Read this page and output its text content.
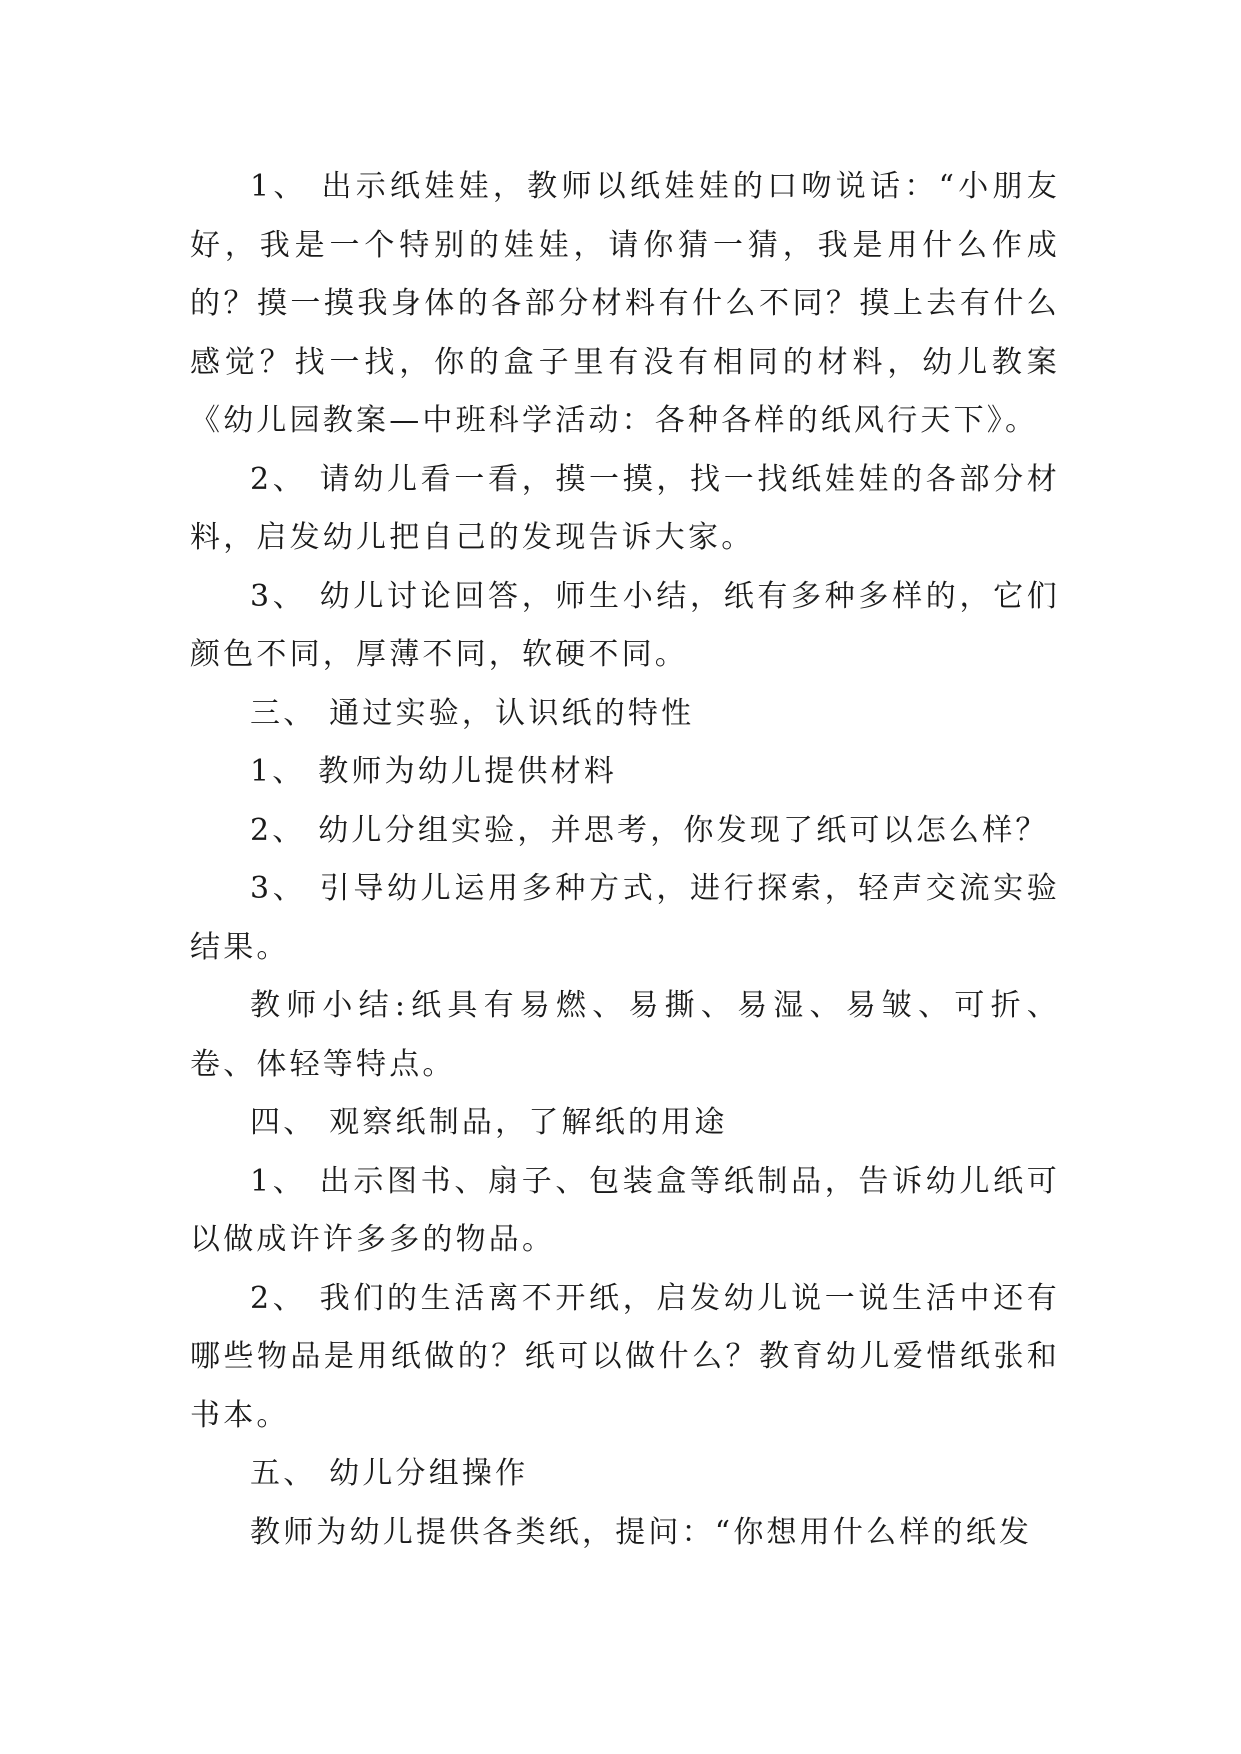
1、 出示纸娃娃，教师以纸娃娃的口吻说话：“小朋友好，我是一个特别的娃娃，请你猜一猜，我是用什么作成的？摸一摸我身体的各部分材料有什么不同？摸上去有什么感觉？找一找，你的盒子里有没有相同的材料，幼儿教案《幼儿园教案—中班科学活动：各种各样的纸风行天下》。

2、 请幼儿看一看，摸一摸，找一找纸娃娃的各部分材料，启发幼儿把自己的发现告诉大家。

3、 幼儿讨论回答，师生小结，纸有多种多样的，它们颜色不同，厚薄不同，软硬不同。

三、 通过实验，认识纸的特性

1、 教师为幼儿提供材料

2、 幼儿分组实验，并思考，你发现了纸可以怎么样？

3、 引导幼儿运用多种方式，进行探索，轻声交流实验结果。

教师小结:纸具有易燃、易撕、易湿、易皱、可折、卷、体轻等特点。

四、 观察纸制品，了解纸的用途

1、 出示图书、扇子、包装盒等纸制品，告诉幼儿纸可以做成许许多多的物品。

2、 我们的生活离不开纸，启发幼儿说一说生活中还有哪些物品是用纸做的？纸可以做什么？教育幼儿爱惜纸张和书本。

五、 幼儿分组操作

教师为幼儿提供各类纸，提问：“你想用什么样的纸发
